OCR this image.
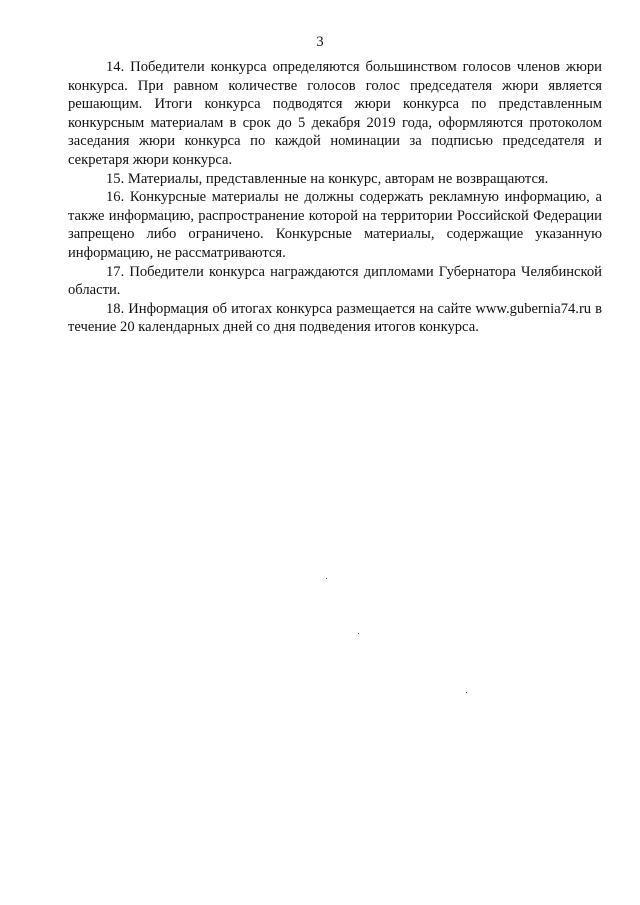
3

14. Победители конкурса определяются большинством голосов членов жюри конкурса. При равном количестве голосов голос председателя жюри является решающим. Итоги конкурса подводятся жюри конкурса по представленным конкурсным материалам в срок до 5 декабря 2019 года, оформляются протоколом заседания жюри конкурса по каждой номинации за подписью председателя и секретаря жюри конкурса.

15. Материалы, представленные на конкурс, авторам не возвращаются.

16. Конкурсные материалы не должны содержать рекламную информацию, а также информацию, распространение которой на территории Российской Федерации запрещено либо ограничено. Конкурсные материалы, содержащие указанную информацию, не рассматриваются.

17. Победители конкурса награждаются дипломами Губернатора Челябинской области.

18. Информация об итогах конкурса размещается на сайте www.gubernia74.ru в течение 20 календарных дней со дня подведения итогов конкурса.
